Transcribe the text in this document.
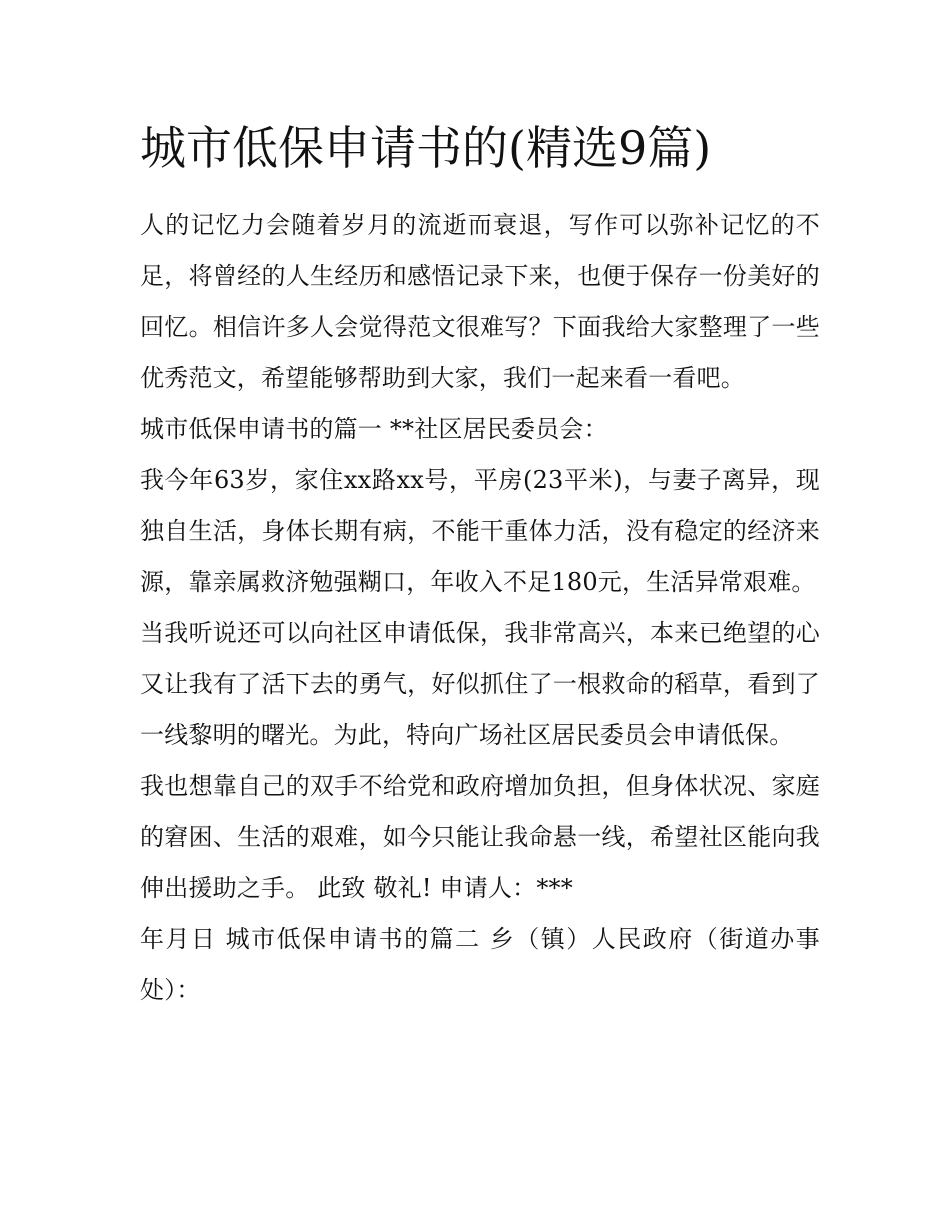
城市低保申请书的(精选9篇)

人的记忆力会随着岁月的流逝而衰退，写作可以弥补记忆的不足，将曾经的人生经历和感悟记录下来，也便于保存一份美好的回忆。相信许多人会觉得范文很难写？下面我给大家整理了一些优秀范文，希望能够帮助到大家，我们一起来看一看吧。

城市低保申请书的篇一 **社区居民委员会：

我今年63岁，家住xx路xx号，平房(23平米)，与妻子离异，现独自生活，身体长期有病，不能干重体力活，没有稳定的经济来源，靠亲属救济勉强糊口，年收入不足180元，生活异常艰难。

当我听说还可以向社区申请低保，我非常高兴，本来已绝望的心又让我有了活下去的勇气，好似抓住了一根救命的稻草，看到了一线黎明的曙光。为此，特向广场社区居民委员会申请低保。

我也想靠自己的双手不给党和政府增加负担，但身体状况、家庭的窘困、生活的艰难，如今只能让我命悬一线，希望社区能向我伸出援助之手。 此致 敬礼! 申请人：***

年月日 城市低保申请书的篇二 乡（镇）人民政府（街道办事处）：
